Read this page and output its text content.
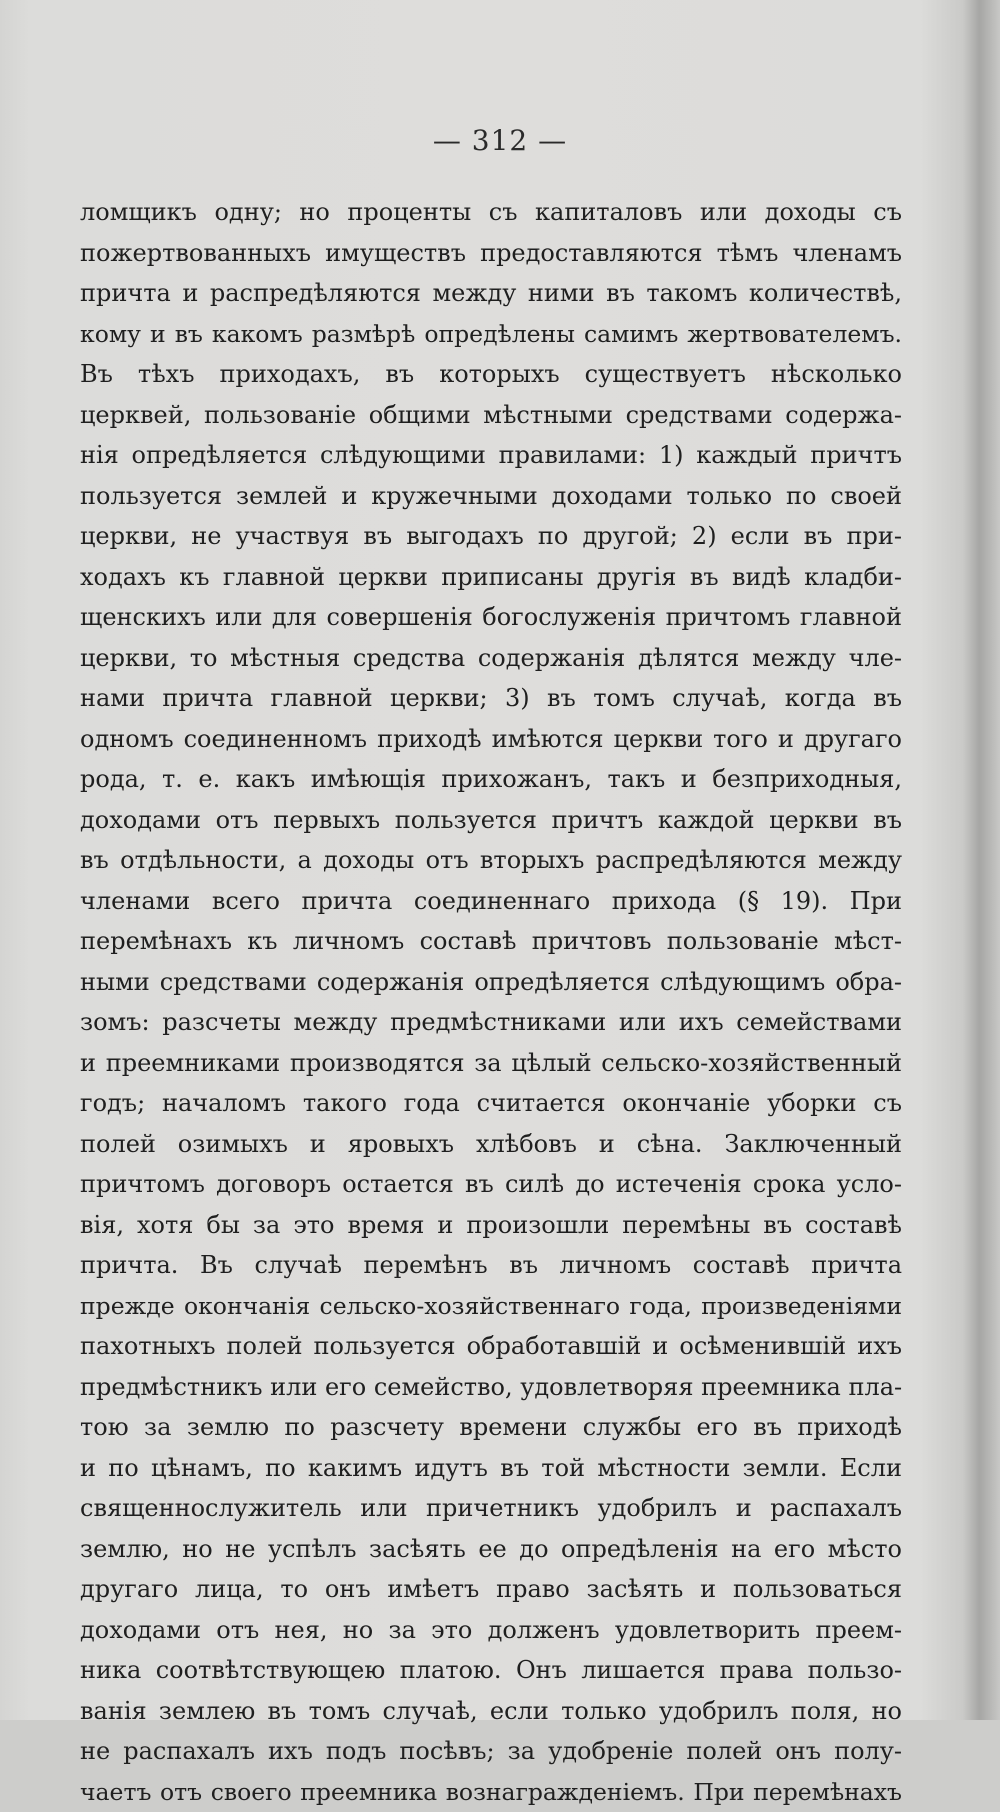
— 312 —
ломщикъ одну; но проценты съ капиталовъ или доходы съ
пожертвованныхъ имуществъ предоставляются тѣмъ членамъ
причта и распредѣляются между ними въ такомъ количествѣ,
кому и въ какомъ размѣрѣ опредѣлены самимъ жертвователемъ.
Въ тѣхъ приходахъ, въ которыхъ существуетъ нѣсколько
церквей, пользованіе общими мѣстными средствами содержа-
нія опредѣляется слѣдующими правилами: 1) каждый причтъ
пользуется землей и кружечными доходами только по своей
церкви, не участвуя въ выгодахъ по другой; 2) если въ при-
ходахъ къ главной церкви приписаны другія въ видѣ кладби-
щенскихъ или для совершенія богослуженія причтомъ главной
церкви, то мѣстныя средства содержанія дѣлятся между чле-
нами причта главной церкви; 3) въ томъ случаѣ, когда въ
одномъ соединенномъ приходѣ имѣются церкви того и другаго
рода, т. е. какъ имѣющія прихожанъ, такъ и безприходныя,
доходами отъ первыхъ пользуется причтъ каждой церкви въ
въ отдѣльности, а доходы отъ вторыхъ распредѣляются между
членами всего причта соединеннаго прихода (§ 19). При
перемѣнахъ къ личномъ составѣ причтовъ пользованіе мѣст-
ными средствами содержанія опредѣляется слѣдующимъ обра-
зомъ: разсчеты между предмѣстниками или ихъ семействами
и преемниками производятся за цѣлый сельско-хозяйственный
годъ; началомъ такого года считается окончаніе уборки съ
полей озимыхъ и яровыхъ хлѣбовъ и сѣна. Заключенный
причтомъ договоръ остается въ силѣ до истеченія срока усло-
вія, хотя бы за это время и произошли перемѣны въ составѣ
причта. Въ случаѣ перемѣнъ въ личномъ составѣ причта
прежде окончанія сельско-хозяйственнаго года, произведеніями
пахотныхъ полей пользуется обработавшій и осѣменившій ихъ
предмѣстникъ или его семейство, удовлетворяя преемника пла-
тою за землю по разсчету времени службы его въ приходѣ
и по цѣнамъ, по какимъ идутъ въ той мѣстности земли. Если
священнослужитель или причетникъ удобрилъ и распахалъ
землю, но не успѣлъ засѣять ее до опредѣленія на его мѣсто
другаго лица, то онъ имѣетъ право засѣять и пользоваться
доходами отъ нея, но за это долженъ удовлетворить преем-
ника соотвѣтствующею платою. Онъ лишается права пользо-
ванія землею въ томъ случаѣ, если только удобрилъ поля, но
не распахалъ ихъ подъ посѣвъ; за удобреніе полей онъ полу-
чаетъ отъ своего преемника вознагражденіемъ. При перемѣнахъ
